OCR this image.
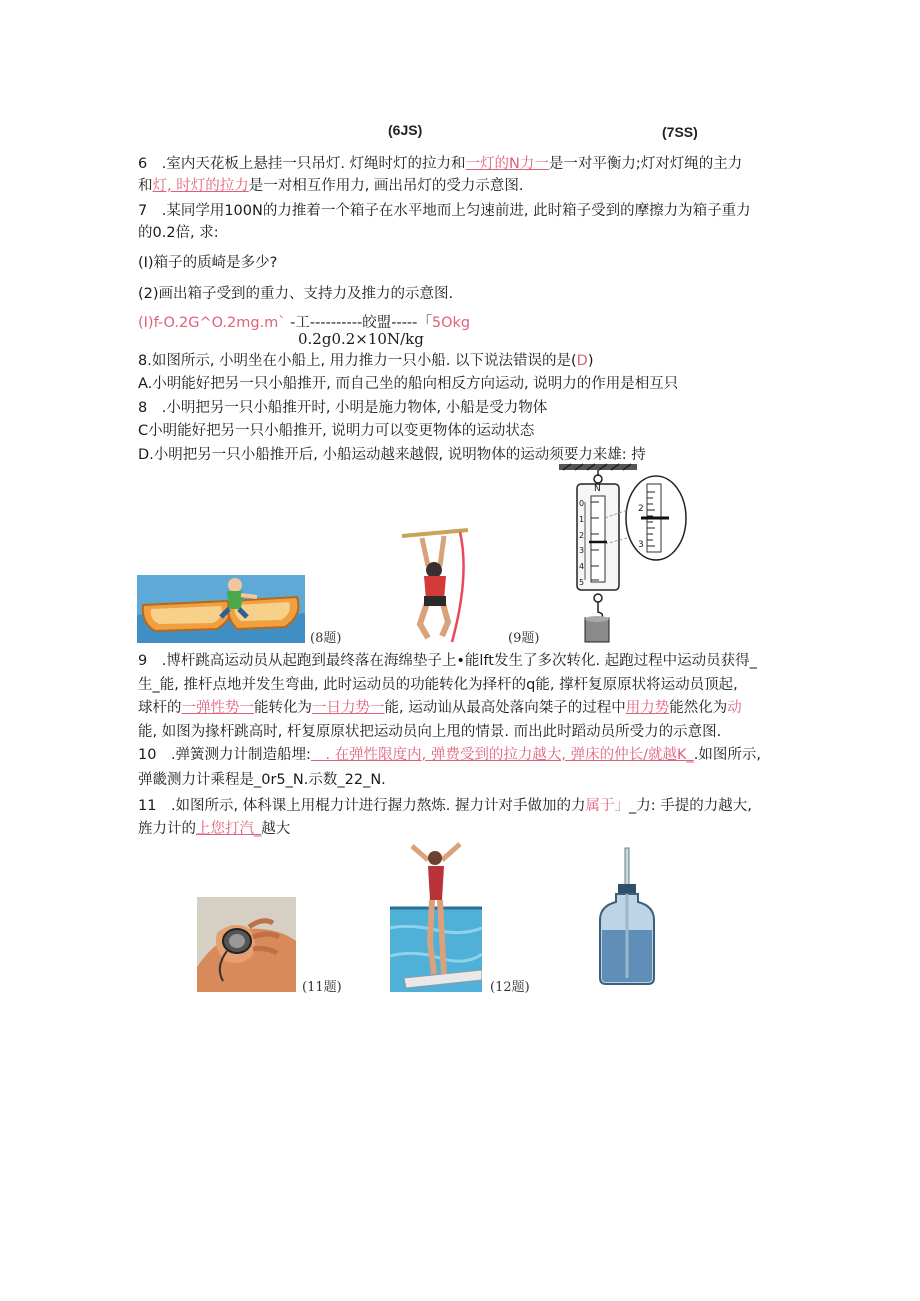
(6JS)	(7SS)
6　.室内天花板上悬挂一只吊灯. 灯绳时灯的拉力和一灯的N力一是一对平衡力;灯对灯绳的主力
和灯, 时灯的拉力是一对相互作用力, 画出吊灯的受力示意图.
7　.某同学用100N的力推着一个箱子在水平地而上匀速前进, 此时箱子受到的摩擦力为箱子重力
的0.2倍, 求:
(I)箱子的质崎是多少?
(2)画出箱子受到的重力、支持力及推力的示意图.
(I)f-O.2G^O.2mg.m` -工----------皎盟-----「5Okg
0.2g0.2×10N/kg
8.如图所示, 小明坐在小船上, 用力推力一只小船. 以下说法错误的是(D)
A.小明能好把另一只小船推开, 而自己坐的船向相反方向运动, 说明力的作用是相互只
8　.小明把另一只小船推开时, 小明是施力物体, 小船是受力物体
C小明能好把另一只小船推开, 说明力可以变更物体的运动状态
D.小明把另一只小船推开后, 小船运动越来越假, 说明物体的运动须要力来雄: 持
(8题)	(9题)
N
0
1
2
3
4
5
2
3
9　.博杆跳高运动员从起跑到最终落在海绵垫子上•能lft发生了多次转化. 起跑过程中运动员获得_
生_能, 推杆点地并发生弯曲, 此时运动员的功能转化为择杆的q能, 撑杆复原原状将运动员顶起,
球杆的一弹性势一能转化为一日力势一能, 运动讪从最高处落向桀子的过程中用力势能然化为动
能, 如图为掾杆跳高时, 杆复原原状把运动员向上甩的情景. 而出此时蹈动员所受力的示意图.
10　.弹簧测力计制造船埋:　. 在弹性限度内, 弹费受到的拉力越大, 弹床的仲长/就越K_.如图所示,
弹畿测力计乘程是_0r5_N.示数_22_N.
11　.如图所示, 体科课上用棍力计进行握力熬炼. 握力计对手做加的力属于」_力: 手提的力越大,
旌力计的上您打汽_越大
(11题)	(12题)
